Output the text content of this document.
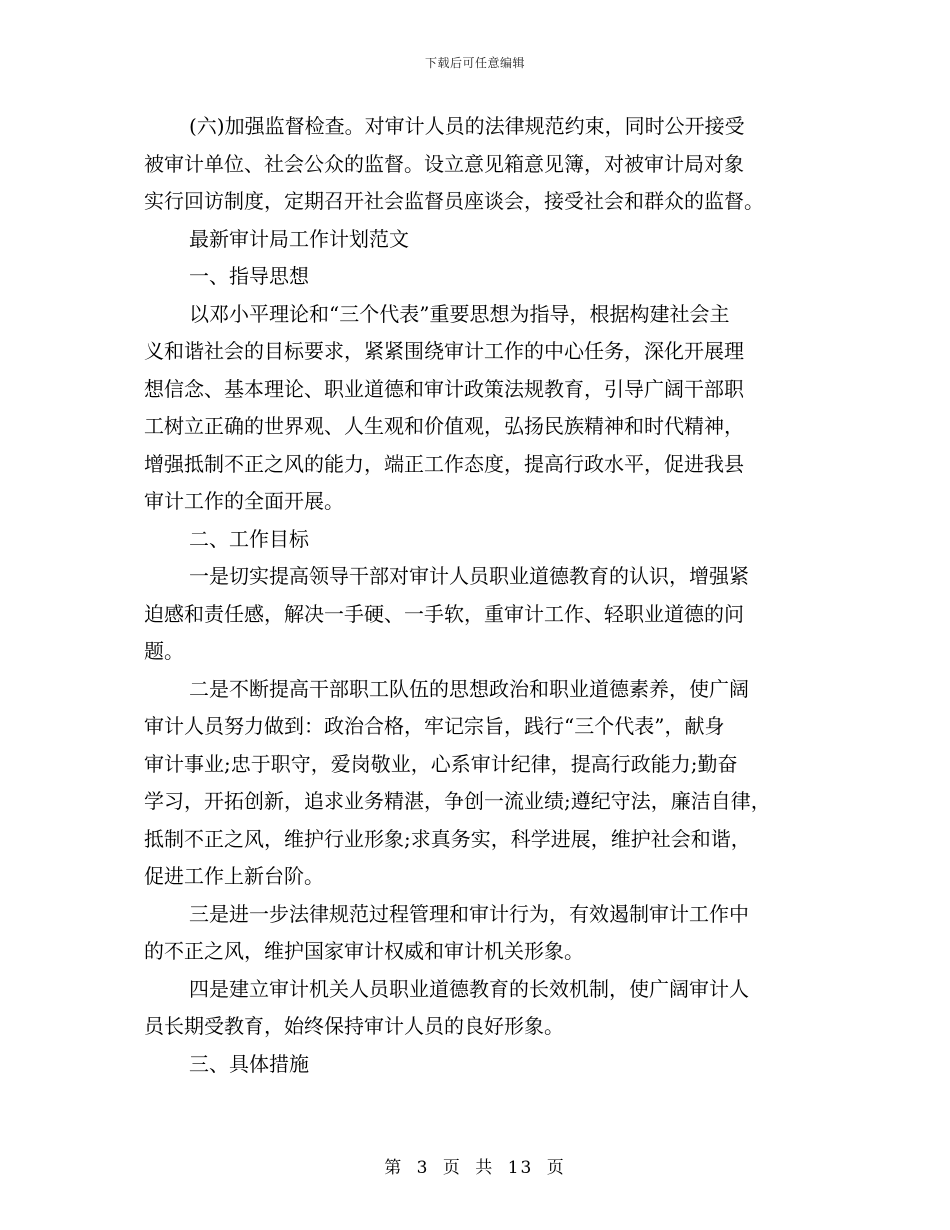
下载后可任意编辑
(六)加强监督检查。对审计人员的法律规范约束，同时公开接受
被审计单位、社会公众的监督。设立意见箱意见簿，对被审计局对象
实行回访制度，定期召开社会监督员座谈会，接受社会和群众的监督。
最新审计局工作计划范文
一、指导思想
以邓小平理论和“三个代表”重要思想为指导，根据构建社会主
义和谐社会的目标要求，紧紧围绕审计工作的中心任务，深化开展理
想信念、基本理论、职业道德和审计政策法规教育，引导广阔干部职
工树立正确的世界观、人生观和价值观，弘扬民族精神和时代精神，
增强抵制不正之风的能力，端正工作态度，提高行政水平，促进我县
审计工作的全面开展。
二、工作目标
一是切实提高领导干部对审计人员职业道德教育的认识，增强紧
迫感和责任感，解决一手硬、一手软，重审计工作、轻职业道德的问
题。
二是不断提高干部职工队伍的思想政治和职业道德素养，使广阔
审计人员努力做到：政治合格，牢记宗旨，践行“三个代表”，献身
审计事业;忠于职守，爱岗敬业，心系审计纪律，提高行政能力;勤奋
学习，开拓创新，追求业务精湛，争创一流业绩;遵纪守法，廉洁自律，
抵制不正之风，维护行业形象;求真务实，科学进展，维护社会和谐，
促进工作上新台阶。
三是进一步法律规范过程管理和审计行为，有效遏制审计工作中
的不正之风，维护国家审计权威和审计机关形象。
四是建立审计机关人员职业道德教育的长效机制，使广阔审计人
员长期受教育，始终保持审计人员的良好形象。
三、具体措施
第 3 页 共 13 页
